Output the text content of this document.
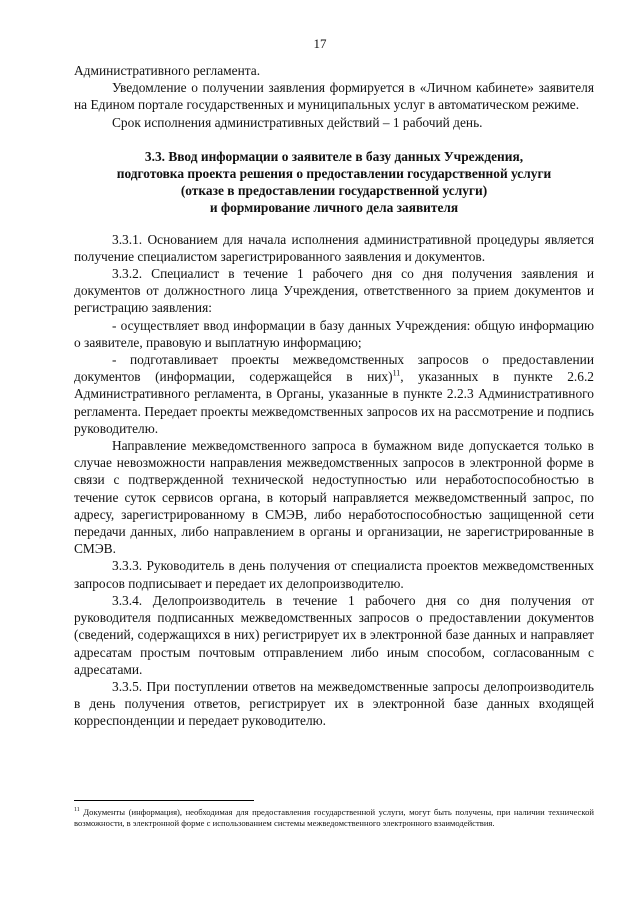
17

Административного регламента.

Уведомление о получении заявления формируется в «Личном кабинете» заявителя на Едином портале государственных и муниципальных услуг в автоматическом режиме.

Срок исполнения административных действий – 1 рабочий день.

3.3. Ввод информации о заявителе в базу данных Учреждения,
подготовка проекта решения о предоставлении государственной услуги
(отказе в предоставлении государственной услуги)
и формирование личного дела заявителя

3.3.1. Основанием для начала исполнения административной процедуры является получение специалистом зарегистрированного заявления и документов.

3.3.2. Специалист в течение 1 рабочего дня со дня получения заявления и документов от должностного лица Учреждения, ответственного за прием документов и регистрацию заявления:

- осуществляет ввод информации в базу данных Учреждения: общую информацию о заявителе, правовую и выплатную информацию;

- подготавливает проекты межведомственных запросов о предоставлении документов (информации, содержащейся в них)$^{11}$, указанных в пункте 2.6.2 Административного регламента, в Органы, указанные в пункте 2.2.3 Административного регламента. Передает проекты межведомственных запросов их на рассмотрение и подпись руководителю.

Направление межведомственного запроса в бумажном виде допускается только в случае невозможности направления межведомственных запросов в электронной форме в связи с подтвержденной технической недоступностью или неработоспособностью в течение суток сервисов органа, в который направляется межведомственный запрос, по адресу, зарегистрированному в СМЭВ, либо неработоспособностью защищенной сети передачи данных, либо направлением в органы и организации, не зарегистрированные в СМЭВ.

3.3.3. Руководитель в день получения от специалиста проектов межведомственных запросов подписывает и передает их делопроизводителю.

3.3.4. Делопроизводитель в течение 1 рабочего дня со дня получения от руководителя подписанных межведомственных запросов о предоставлении документов (сведений, содержащихся в них) регистрирует их в электронной базе данных и направляет адресатам простым почтовым отправлением либо иным способом, согласованным с адресатами.

3.3.5. При поступлении ответов на межведомственные запросы делопроизводитель в день получения ответов, регистрирует их в электронной базе данных входящей корреспонденции и передает руководителю.

$^{11}$ Документы (информация), необходимая для предоставления государственной услуги, могут быть получены, при наличии технической возможности, в электронной форме с использованием системы межведомственного электронного взаимодействия.
